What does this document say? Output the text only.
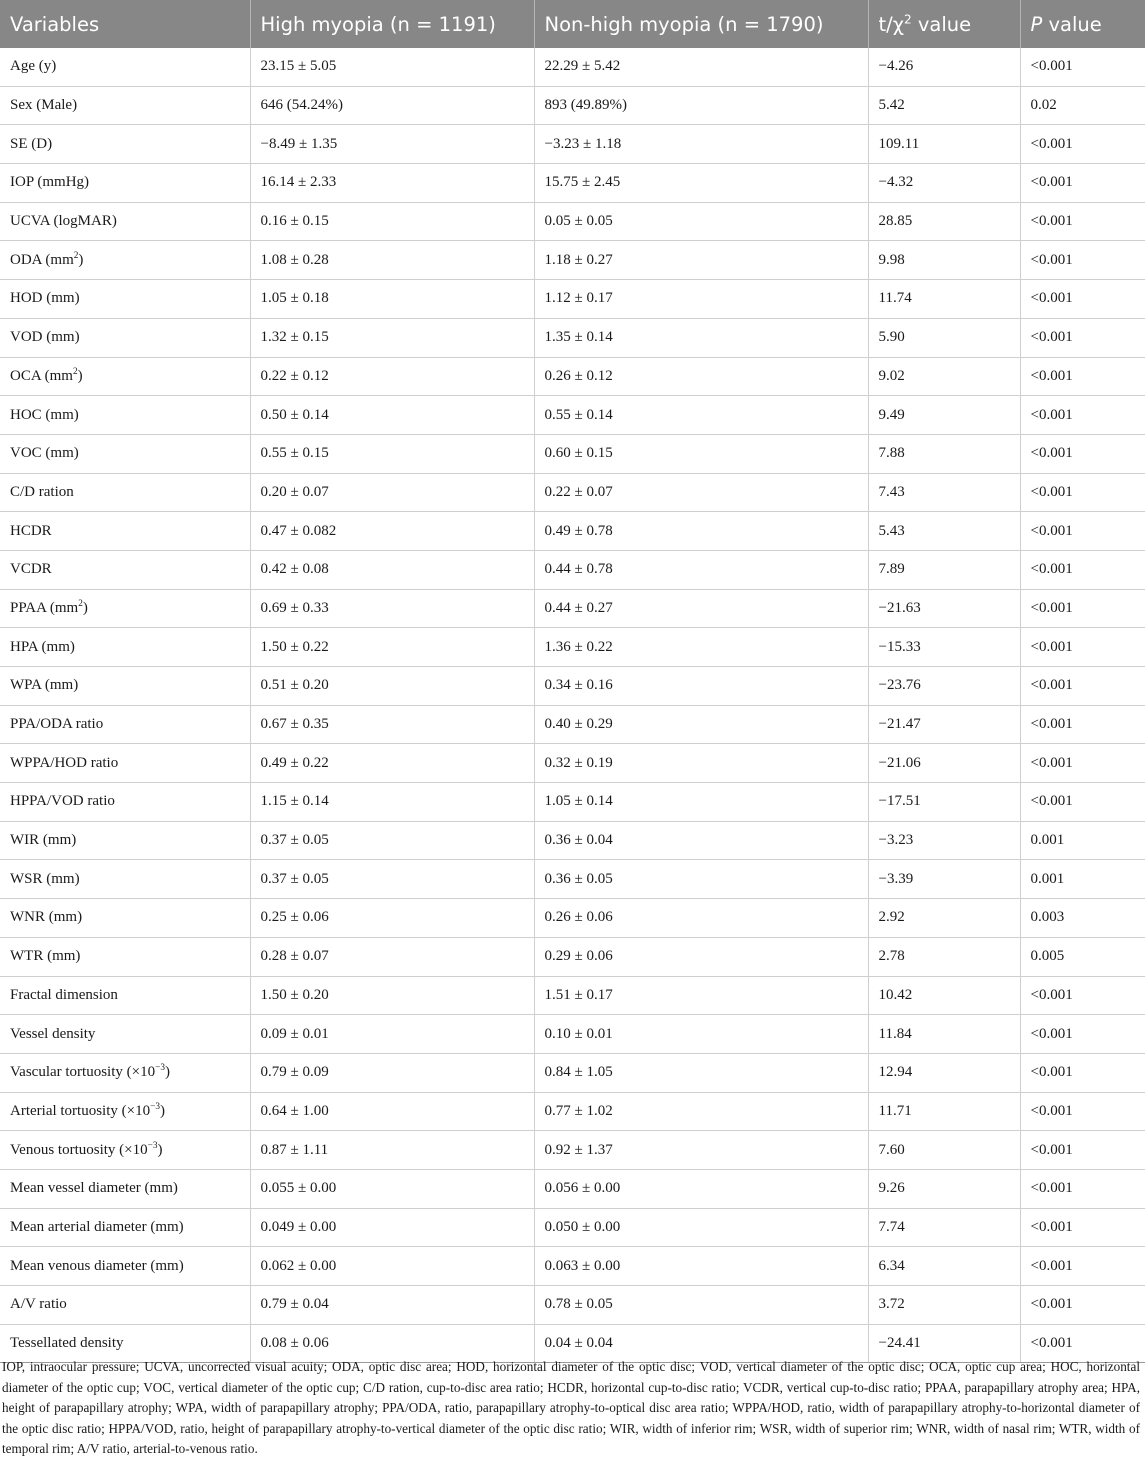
Variables	High myopia (n = 1191)	Non-high myopia (n = 1790)	$t/\chi^2$ value	P value
Age (y)	23.15 ± 5.05	22.29 ± 5.42	−4.26	<0.001
Sex (Male)	646 (54.24%)	893 (49.89%)	5.42	0.02
SE (D)	−8.49 ± 1.35	−3.23 ± 1.18	109.11	<0.001
IOP (mmHg)	16.14 ± 2.33	15.75 ± 2.45	−4.32	<0.001
UCVA (logMAR)	0.16 ± 0.15	0.05 ± 0.05	28.85	<0.001
ODA $(mm^2)$	1.08 ± 0.28	1.18 ± 0.27	9.98	<0.001
HOD (mm)	1.05 ± 0.18	1.12 ± 0.17	11.74	<0.001
VOD (mm)	1.32 ± 0.15	1.35 ± 0.14	5.90	<0.001
OCA $(mm^2)$	0.22 ± 0.12	0.26 ± 0.12	9.02	<0.001
HOC (mm)	0.50 ± 0.14	0.55 ± 0.14	9.49	<0.001
VOC (mm)	0.55 ± 0.15	0.60 ± 0.15	7.88	<0.001
C/D ration	0.20 ± 0.07	0.22 ± 0.07	7.43	<0.001
HCDR	0.47 ± 0.082	0.49 ± 0.78	5.43	<0.001
VCDR	0.42 ± 0.08	0.44 ± 0.78	7.89	<0.001
PPAA $(mm^2)$	0.69 ± 0.33	0.44 ± 0.27	−21.63	<0.001
HPA (mm)	1.50 ± 0.22	1.36 ± 0.22	−15.33	<0.001
WPA (mm)	0.51 ± 0.20	0.34 ± 0.16	−23.76	<0.001
PPA/ODA ratio	0.67 ± 0.35	0.40 ± 0.29	−21.47	<0.001
WPPA/HOD ratio	0.49 ± 0.22	0.32 ± 0.19	−21.06	<0.001
HPPA/VOD ratio	1.15 ± 0.14	1.05 ± 0.14	−17.51	<0.001
WIR (mm)	0.37 ± 0.05	0.36 ± 0.04	−3.23	0.001
WSR (mm)	0.37 ± 0.05	0.36 ± 0.05	−3.39	0.001
WNR (mm)	0.25 ± 0.06	0.26 ± 0.06	2.92	0.003
WTR (mm)	0.28 ± 0.07	0.29 ± 0.06	2.78	0.005
Fractal dimension	1.50 ± 0.20	1.51 ± 0.17	10.42	<0.001
Vessel density	0.09 ± 0.01	0.10 ± 0.01	11.84	<0.001
Vascular tortuosity $(\times 10^{-3})$	0.79 ± 0.09	0.84 ± 1.05	12.94	<0.001
Arterial tortuosity $(\times 10^{-3})$	0.64 ± 1.00	0.77 ± 1.02	11.71	<0.001
Venous tortuosity $(\times 10^{-3})$	0.87 ± 1.11	0.92 ± 1.37	7.60	<0.001
Mean vessel diameter (mm)	0.055 ± 0.00	0.056 ± 0.00	9.26	<0.001
Mean arterial diameter (mm)	0.049 ± 0.00	0.050 ± 0.00	7.74	<0.001
Mean venous diameter (mm)	0.062 ± 0.00	0.063 ± 0.00	6.34	<0.001
A/V ratio	0.79 ± 0.04	0.78 ± 0.05	3.72	<0.001
Tessellated density	0.08 ± 0.06	0.04 ± 0.04	−24.41	<0.001
IOP, intraocular pressure; UCVA, uncorrected visual acuity; ODA, optic disc area; HOD, horizontal diameter of the optic disc; VOD, vertical diameter of the optic disc; OCA, optic cup area; HOC, horizontal diameter of the optic cup; VOC, vertical diameter of the optic cup; C/D ration, cup-to-disc area ratio; HCDR, horizontal cup-to-disc ratio; VCDR, vertical cup-to-disc ratio; PPAA, parapapillary atrophy area; HPA, height of parapapillary atrophy; WPA, width of parapapillary atrophy; PPA/ODA, ratio, parapapillary atrophy-to-optical disc area ratio; WPPA/HOD, ratio, width of parapapillary atrophy-to-horizontal diameter of the optic disc ratio; HPPA/VOD, ratio, height of parapapillary atrophy-to-vertical diameter of the optic disc ratio; WIR, width of inferior rim; WSR, width of superior rim; WNR, width of nasal rim; WTR, width of temporal rim; A/V ratio, arterial-to-venous ratio.
